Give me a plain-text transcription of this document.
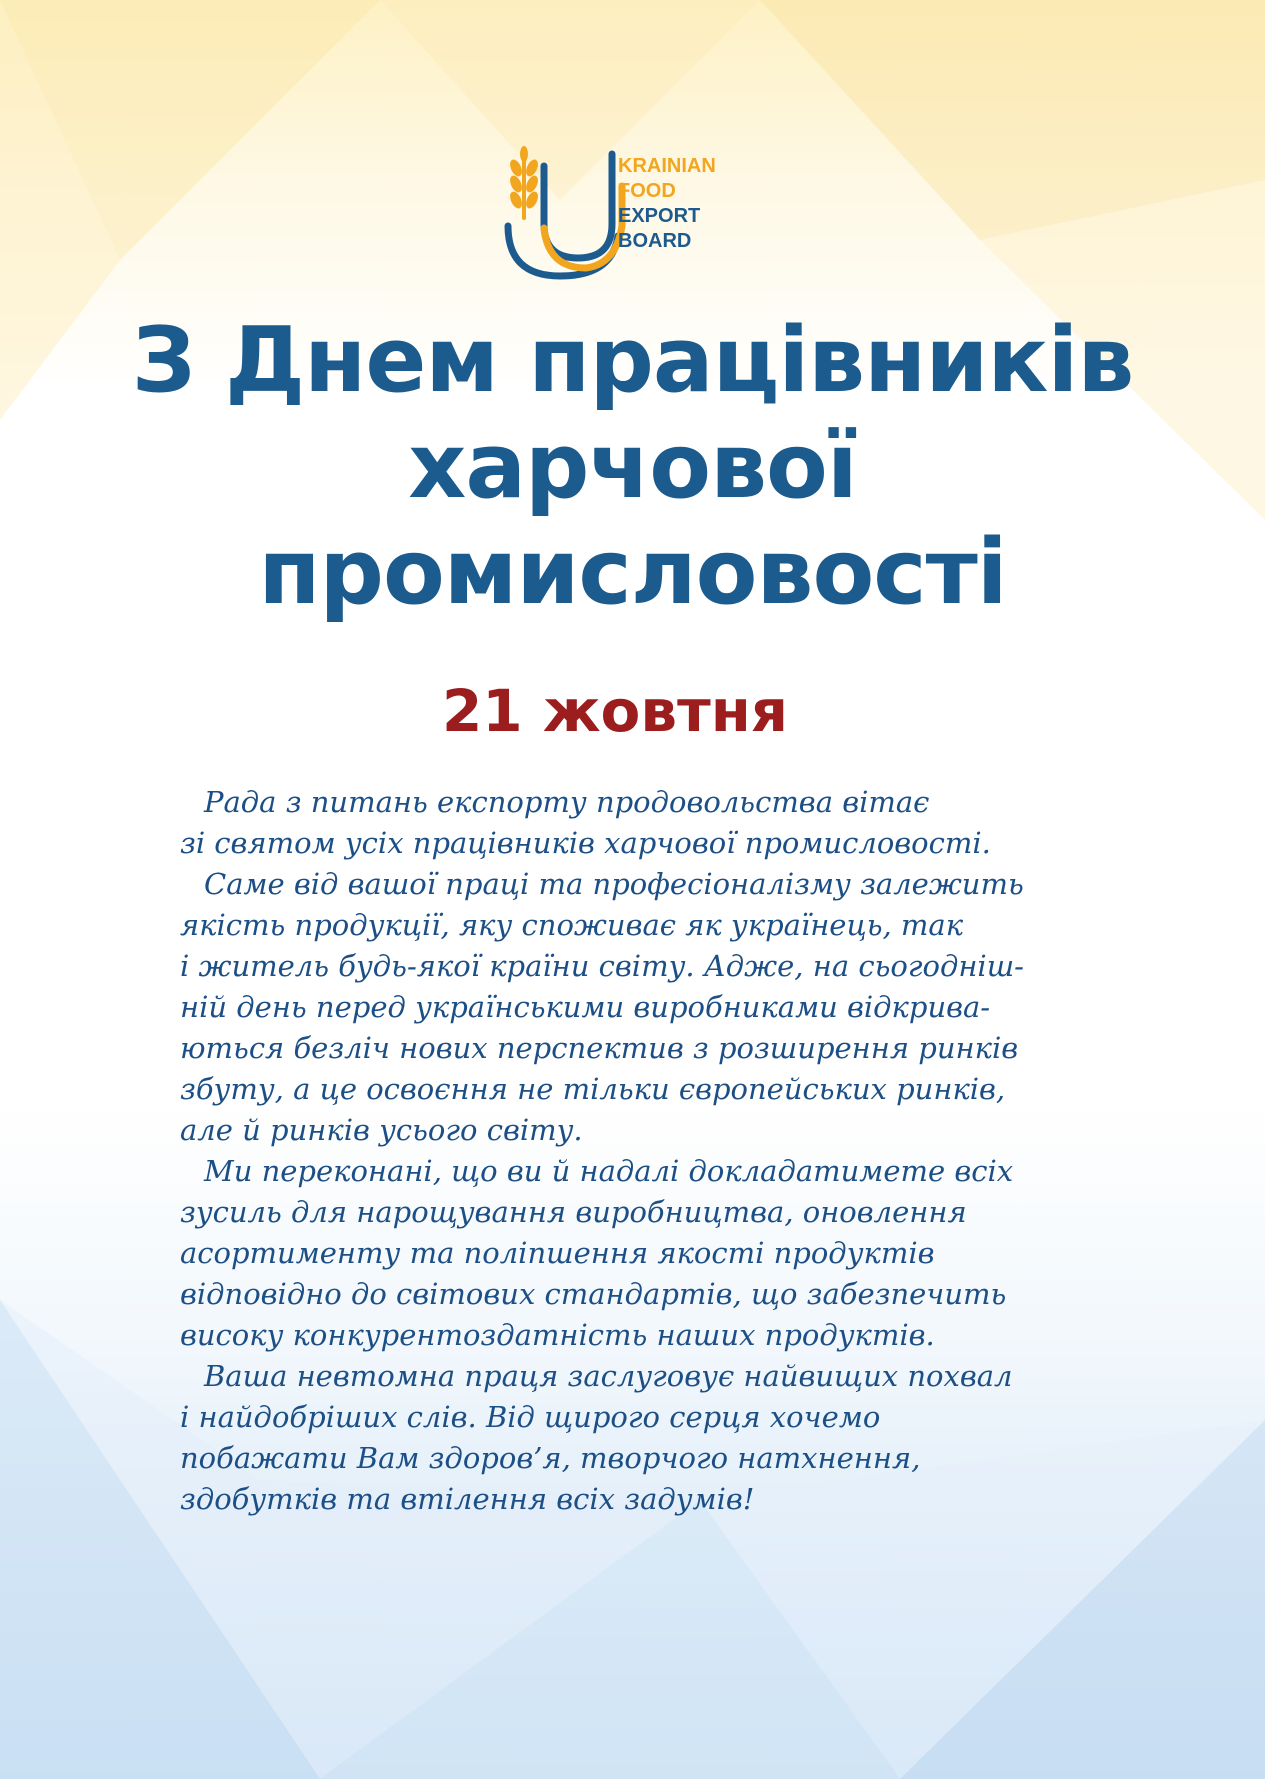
KRAINIAN
FOOD
EXPORT
BOARD
З Днем працівників
харчової
промисловості
21 жовтня

Рада з питань експорту продовольства вітає
зі святом усіх працівників харчової промисловості.

Саме від вашої праці та професіоналізму залежить
якість продукції, яку споживає як українець, так
і житель будь-якої країни світу. Адже, на сьогодніш-
ній день перед українськими виробниками відкрива-
ються безліч нових перспектив з розширення ринків
збуту, а це освоєння не тільки європейських ринків,
але й ринків усього світу.

Ми переконані, що ви й надалі докладатимете всіх
зусиль для нарощування виробництва, оновлення
асортименту та поліпшення якості продуктів
відповідно до світових стандартів, що забезпечить
високу конкурентоздатність наших продуктів.

Ваша невтомна праця заслуговує найвищих похвал
і найдобріших слів. Від щирого серця хочемо
побажати Вам здоров’я, творчого натхнення,
здобутків та втілення всіх задумів!
